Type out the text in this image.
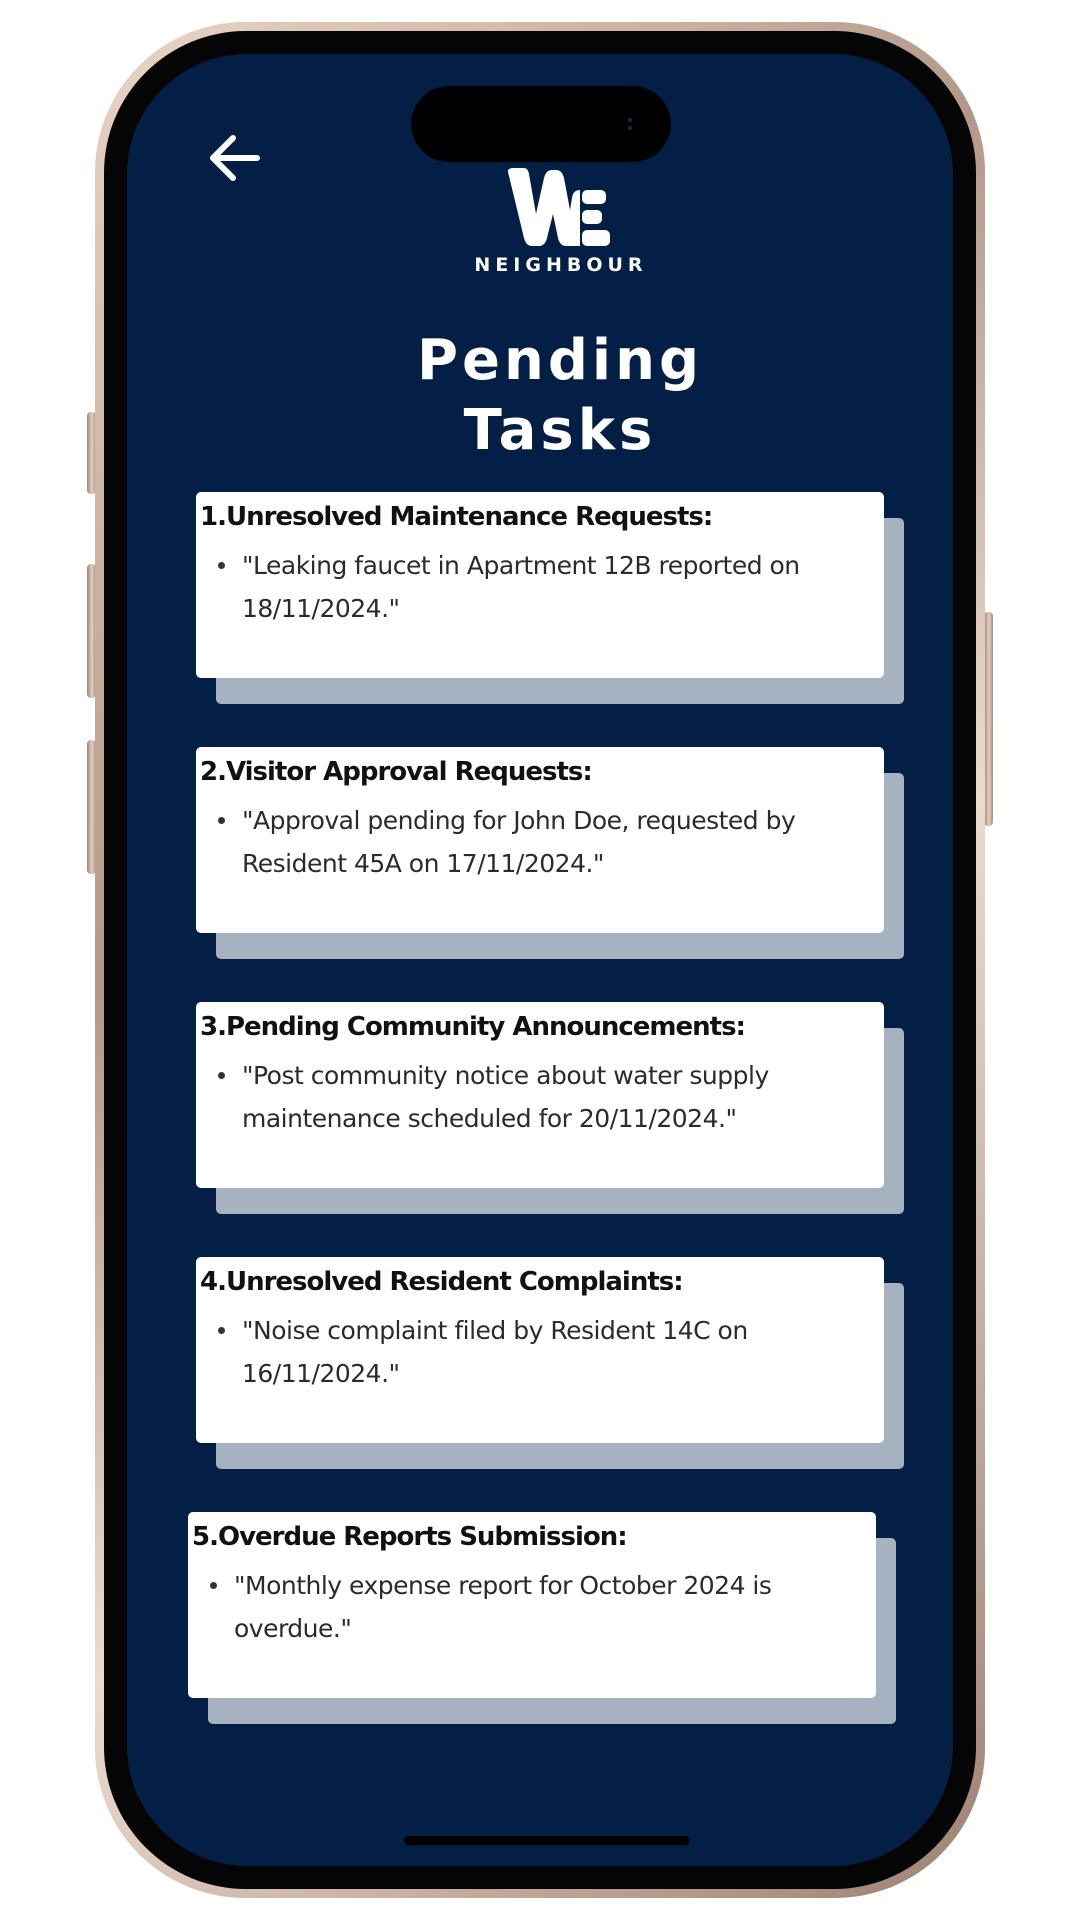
NEIGHBOUR
Pending
Tasks
1.Unresolved Maintenance Requests:
"Leaking faucet in Apartment 12B reported on 18/11/2024."
2.Visitor Approval Requests:
"Approval pending for John Doe, requested by Resident 45A on 17/11/2024."
3.Pending Community Announcements:
"Post community notice about water supply maintenance scheduled for 20/11/2024."
4.Unresolved Resident Complaints:
"Noise complaint filed by Resident 14C on 16/11/2024."
5.Overdue Reports Submission:
"Monthly expense report for October 2024 is overdue."
